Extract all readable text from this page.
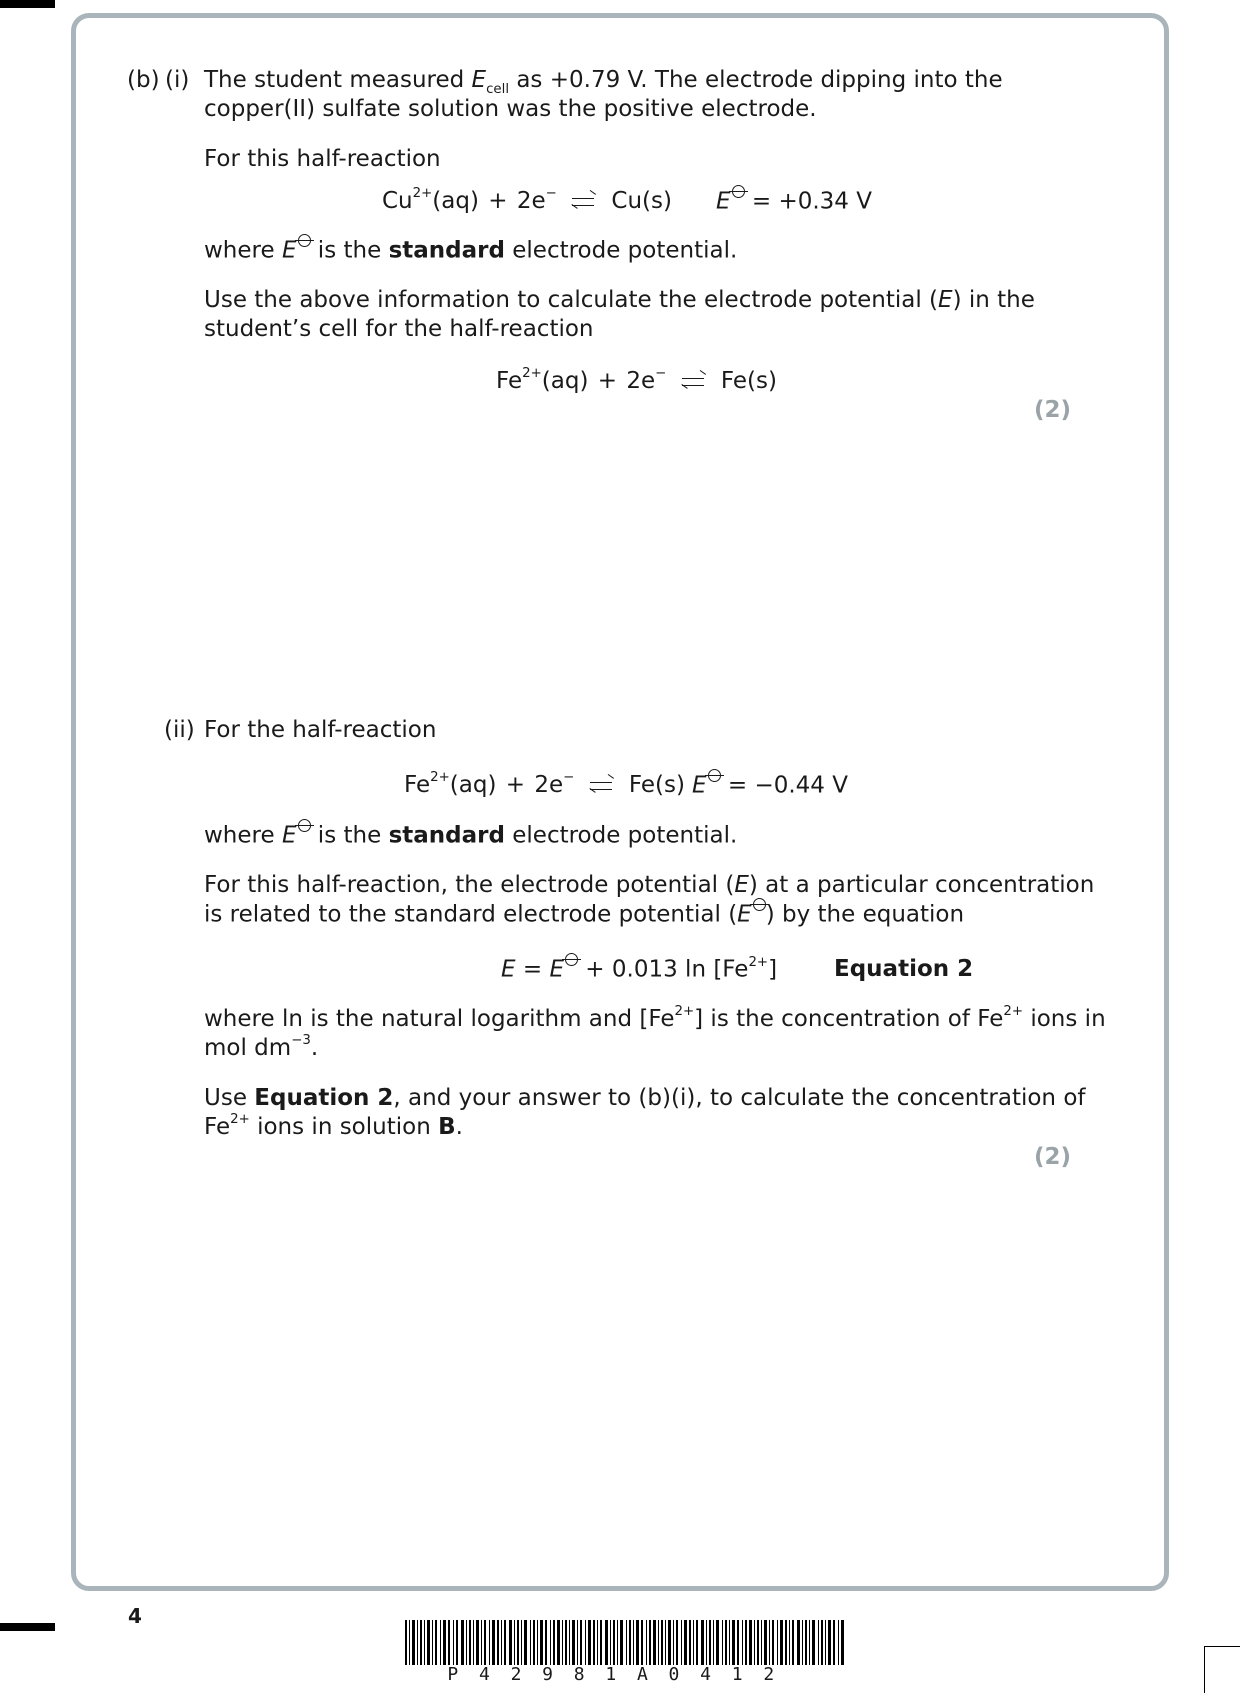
(b) (i) The student measured $E_{cell}$ as +0.79 V. The electrode dipping into the
copper(II) sulfate solution was the positive electrode.
For this half-reaction
$Cu^{2+}(aq) + 2e^-$ Cu(s) E = +0.34 V
where E is the standard electrode potential.
Use the above information to calculate the electrode potential (E) in the
student’s cell for the half-reaction
$Fe^{2+}(aq) + 2e^-$ Fe(s)
(2)
(ii) For the half-reaction
$Fe^{2+}(aq) + 2e^-$ Fe(s) E = −0.44 V
where E is the standard electrode potential.
For this half-reaction, the electrode potential (E) at a particular concentration
is related to the standard electrode potential (E ) by the equation
E = E + 0.013 $\ln [Fe^{2+}]$ Equation 2
where ln is the natural logarithm and $[Fe^{2+}]$ is the concentration of $Fe^{2+}$ ions in
mol $dm^{-3}$.
Use Equation 2, and your answer to (b)(i), to calculate the concentration of
$Fe^{2+}$ ions in solution B.
(2)
4
P 4 2 9 8 1 A 0 4 1 2
